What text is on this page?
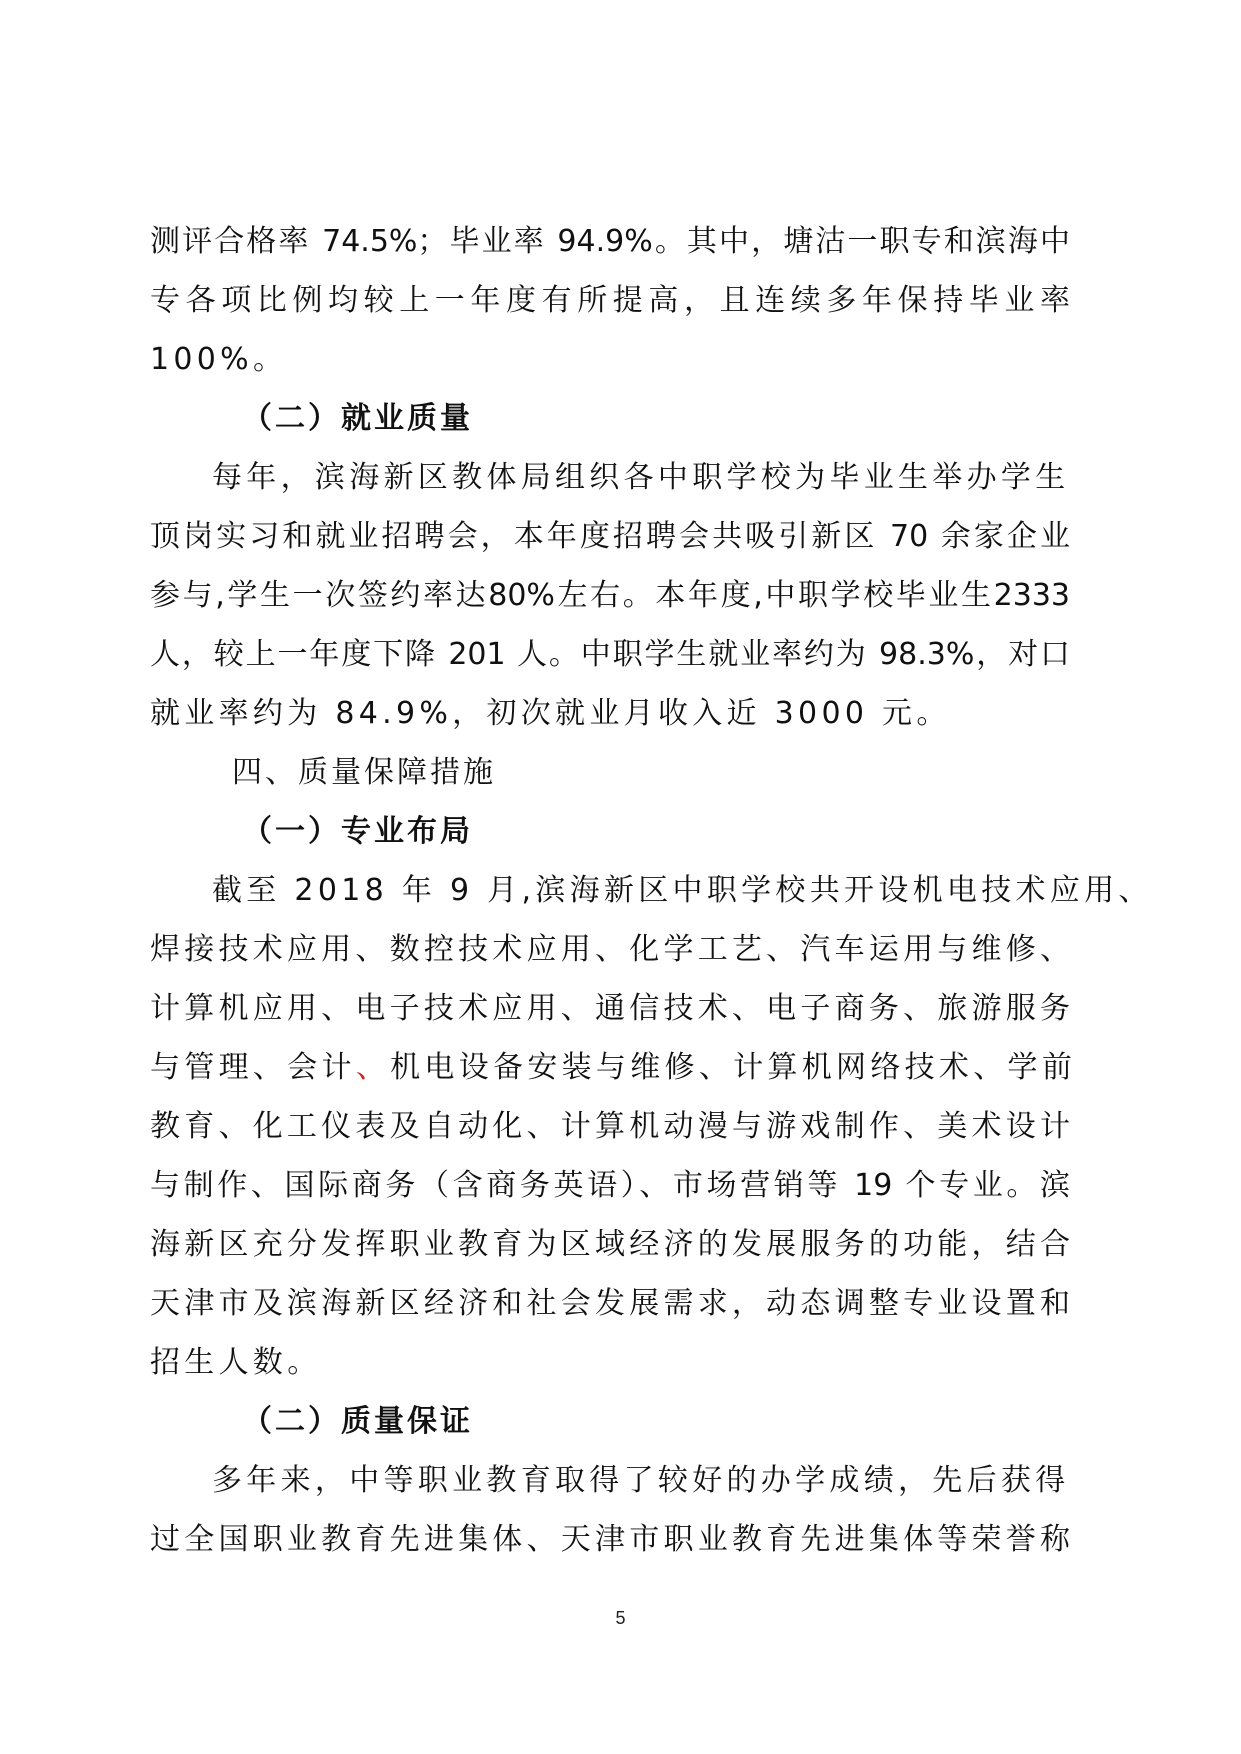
测评合格率 74.5%；毕业率 94.9%。其中，塘沽一职专和滨海中
专各项比例均较上一年度有所提高，且连续多年保持毕业率
100%。
（二）就业质量
每年，滨海新区教体局组织各中职学校为毕业生举办学生
顶岗实习和就业招聘会，本年度招聘会共吸引新区 70 余家企业
参与,学生一次签约率达80%左右。本年度,中职学校毕业生2333
人，较上一年度下降 201 人。中职学生就业率约为 98.3%，对口
就业率约为 84.9%，初次就业月收入近 3000 元。
四、质量保障措施
（一）专业布局
截至 2018 年 9 月,滨海新区中职学校共开设机电技术应用、
焊接技术应用、数控技术应用、化学工艺、汽车运用与维修、
计算机应用、电子技术应用、通信技术、电子商务、旅游服务
与管理、会计、机电设备安装与维修、计算机网络技术、学前
教育、化工仪表及自动化、计算机动漫与游戏制作、美术设计
与制作、国际商务（含商务英语）、市场营销等 19 个专业。滨
海新区充分发挥职业教育为区域经济的发展服务的功能，结合
天津市及滨海新区经济和社会发展需求，动态调整专业设置和
招生人数。
（二）质量保证
多年来，中等职业教育取得了较好的办学成绩，先后获得
过全国职业教育先进集体、天津市职业教育先进集体等荣誉称
5
